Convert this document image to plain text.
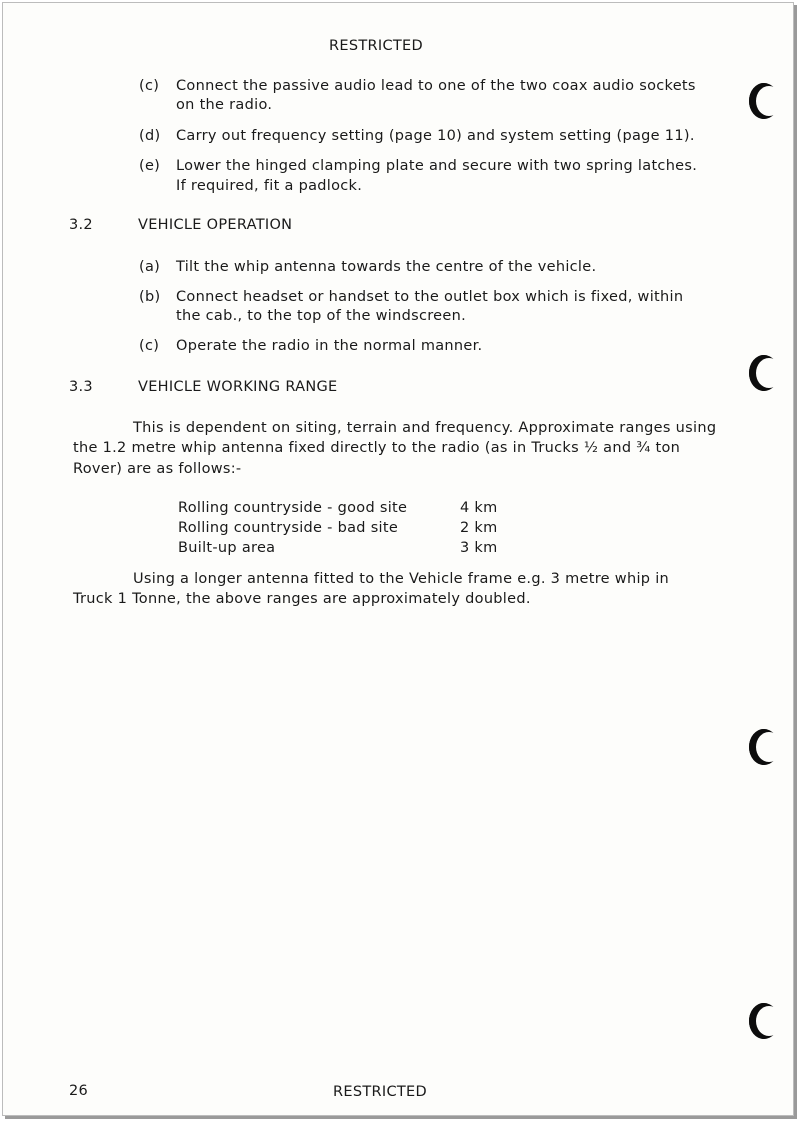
RESTRICTED
(c) Connect the passive audio lead to one of the two coax audio sockets
on the radio.
(d) Carry out frequency setting (page 10) and system setting (page 11).
(e) Lower the hinged clamping plate and secure with two spring latches.
If required, fit a padlock.
3.2	VEHICLE OPERATION
(a) Tilt the whip antenna towards the centre of the vehicle.
(b) Connect headset or handset to the outlet box which is fixed, within
the cab., to the top of the windscreen.
(c) Operate the radio in the normal manner.
3.3	VEHICLE WORKING RANGE
This is dependent on siting, terrain and frequency. Approximate ranges using
the 1.2 metre whip antenna fixed directly to the radio (as in Trucks ½ and ¾ ton
Rover) are as follows:-
Rolling countryside - good site	4 km
Rolling countryside - bad site	2 km
Built-up area	3 km
Using a longer antenna fitted to the Vehicle frame e.g. 3 metre whip in
Truck 1 Tonne, the above ranges are approximately doubled.
26	RESTRICTED
